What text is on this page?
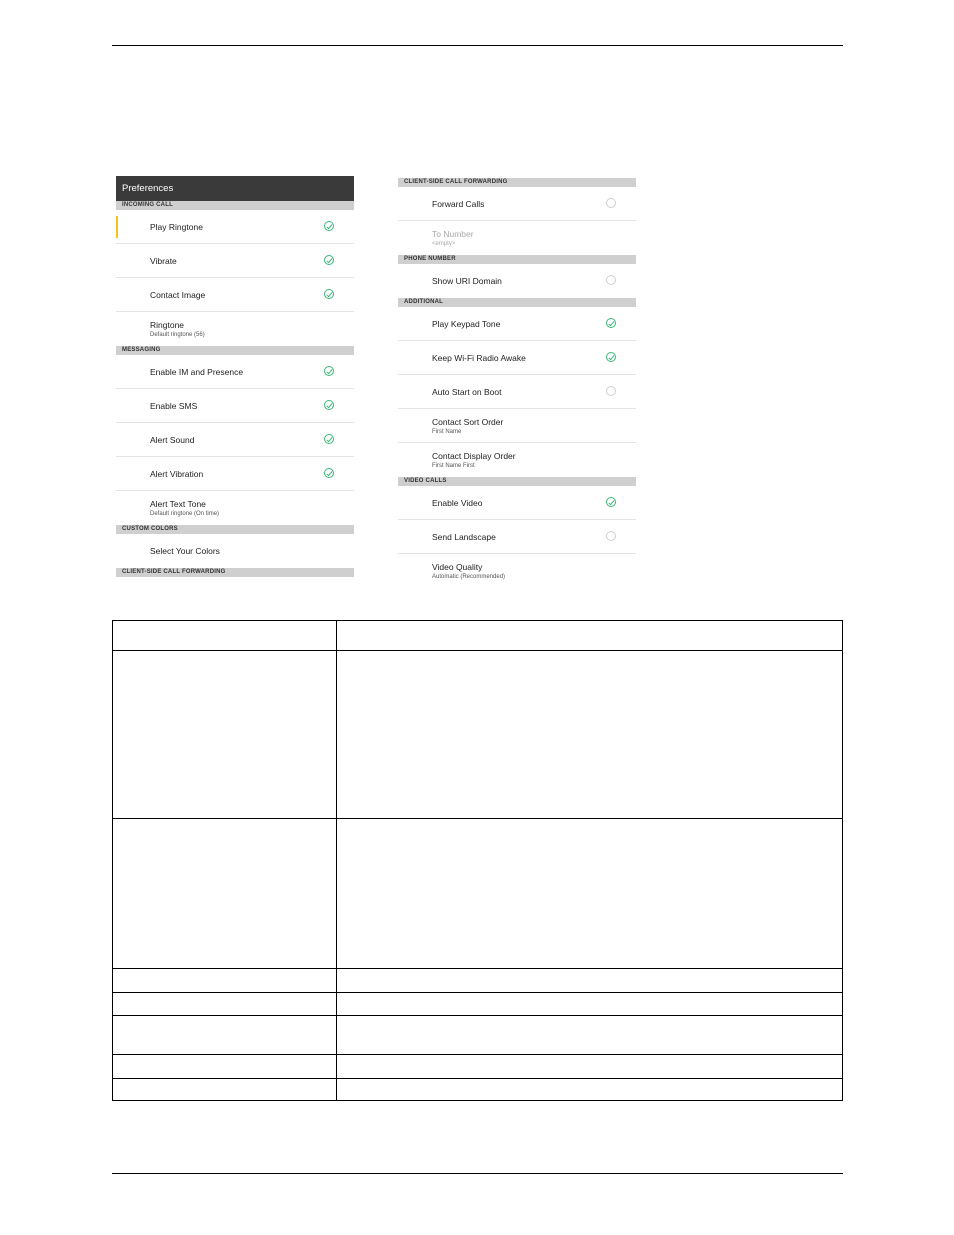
Preferences
INCOMING CALL
Play Ringtone
Vibrate
Contact Image
Ringtone
Default ringtone (56)
MESSAGING
Enable IM and Presence
Enable SMS
Alert Sound
Alert Vibration
Alert Text Tone
Default ringtone (On time)
CUSTOM COLORS
Select Your Colors
CLIENT-SIDE CALL FORWARDING
CLIENT-SIDE CALL FORWARDING
Forward Calls
To Number
<empty>
PHONE NUMBER
Show URI Domain
ADDITIONAL
Play Keypad Tone
Keep Wi-Fi Radio Awake
Auto Start on Boot
Contact Sort Order
First Name
Contact Display Order
First Name First
VIDEO CALLS
Enable Video
Send Landscape
Video Quality
Automatic (Recommended)
